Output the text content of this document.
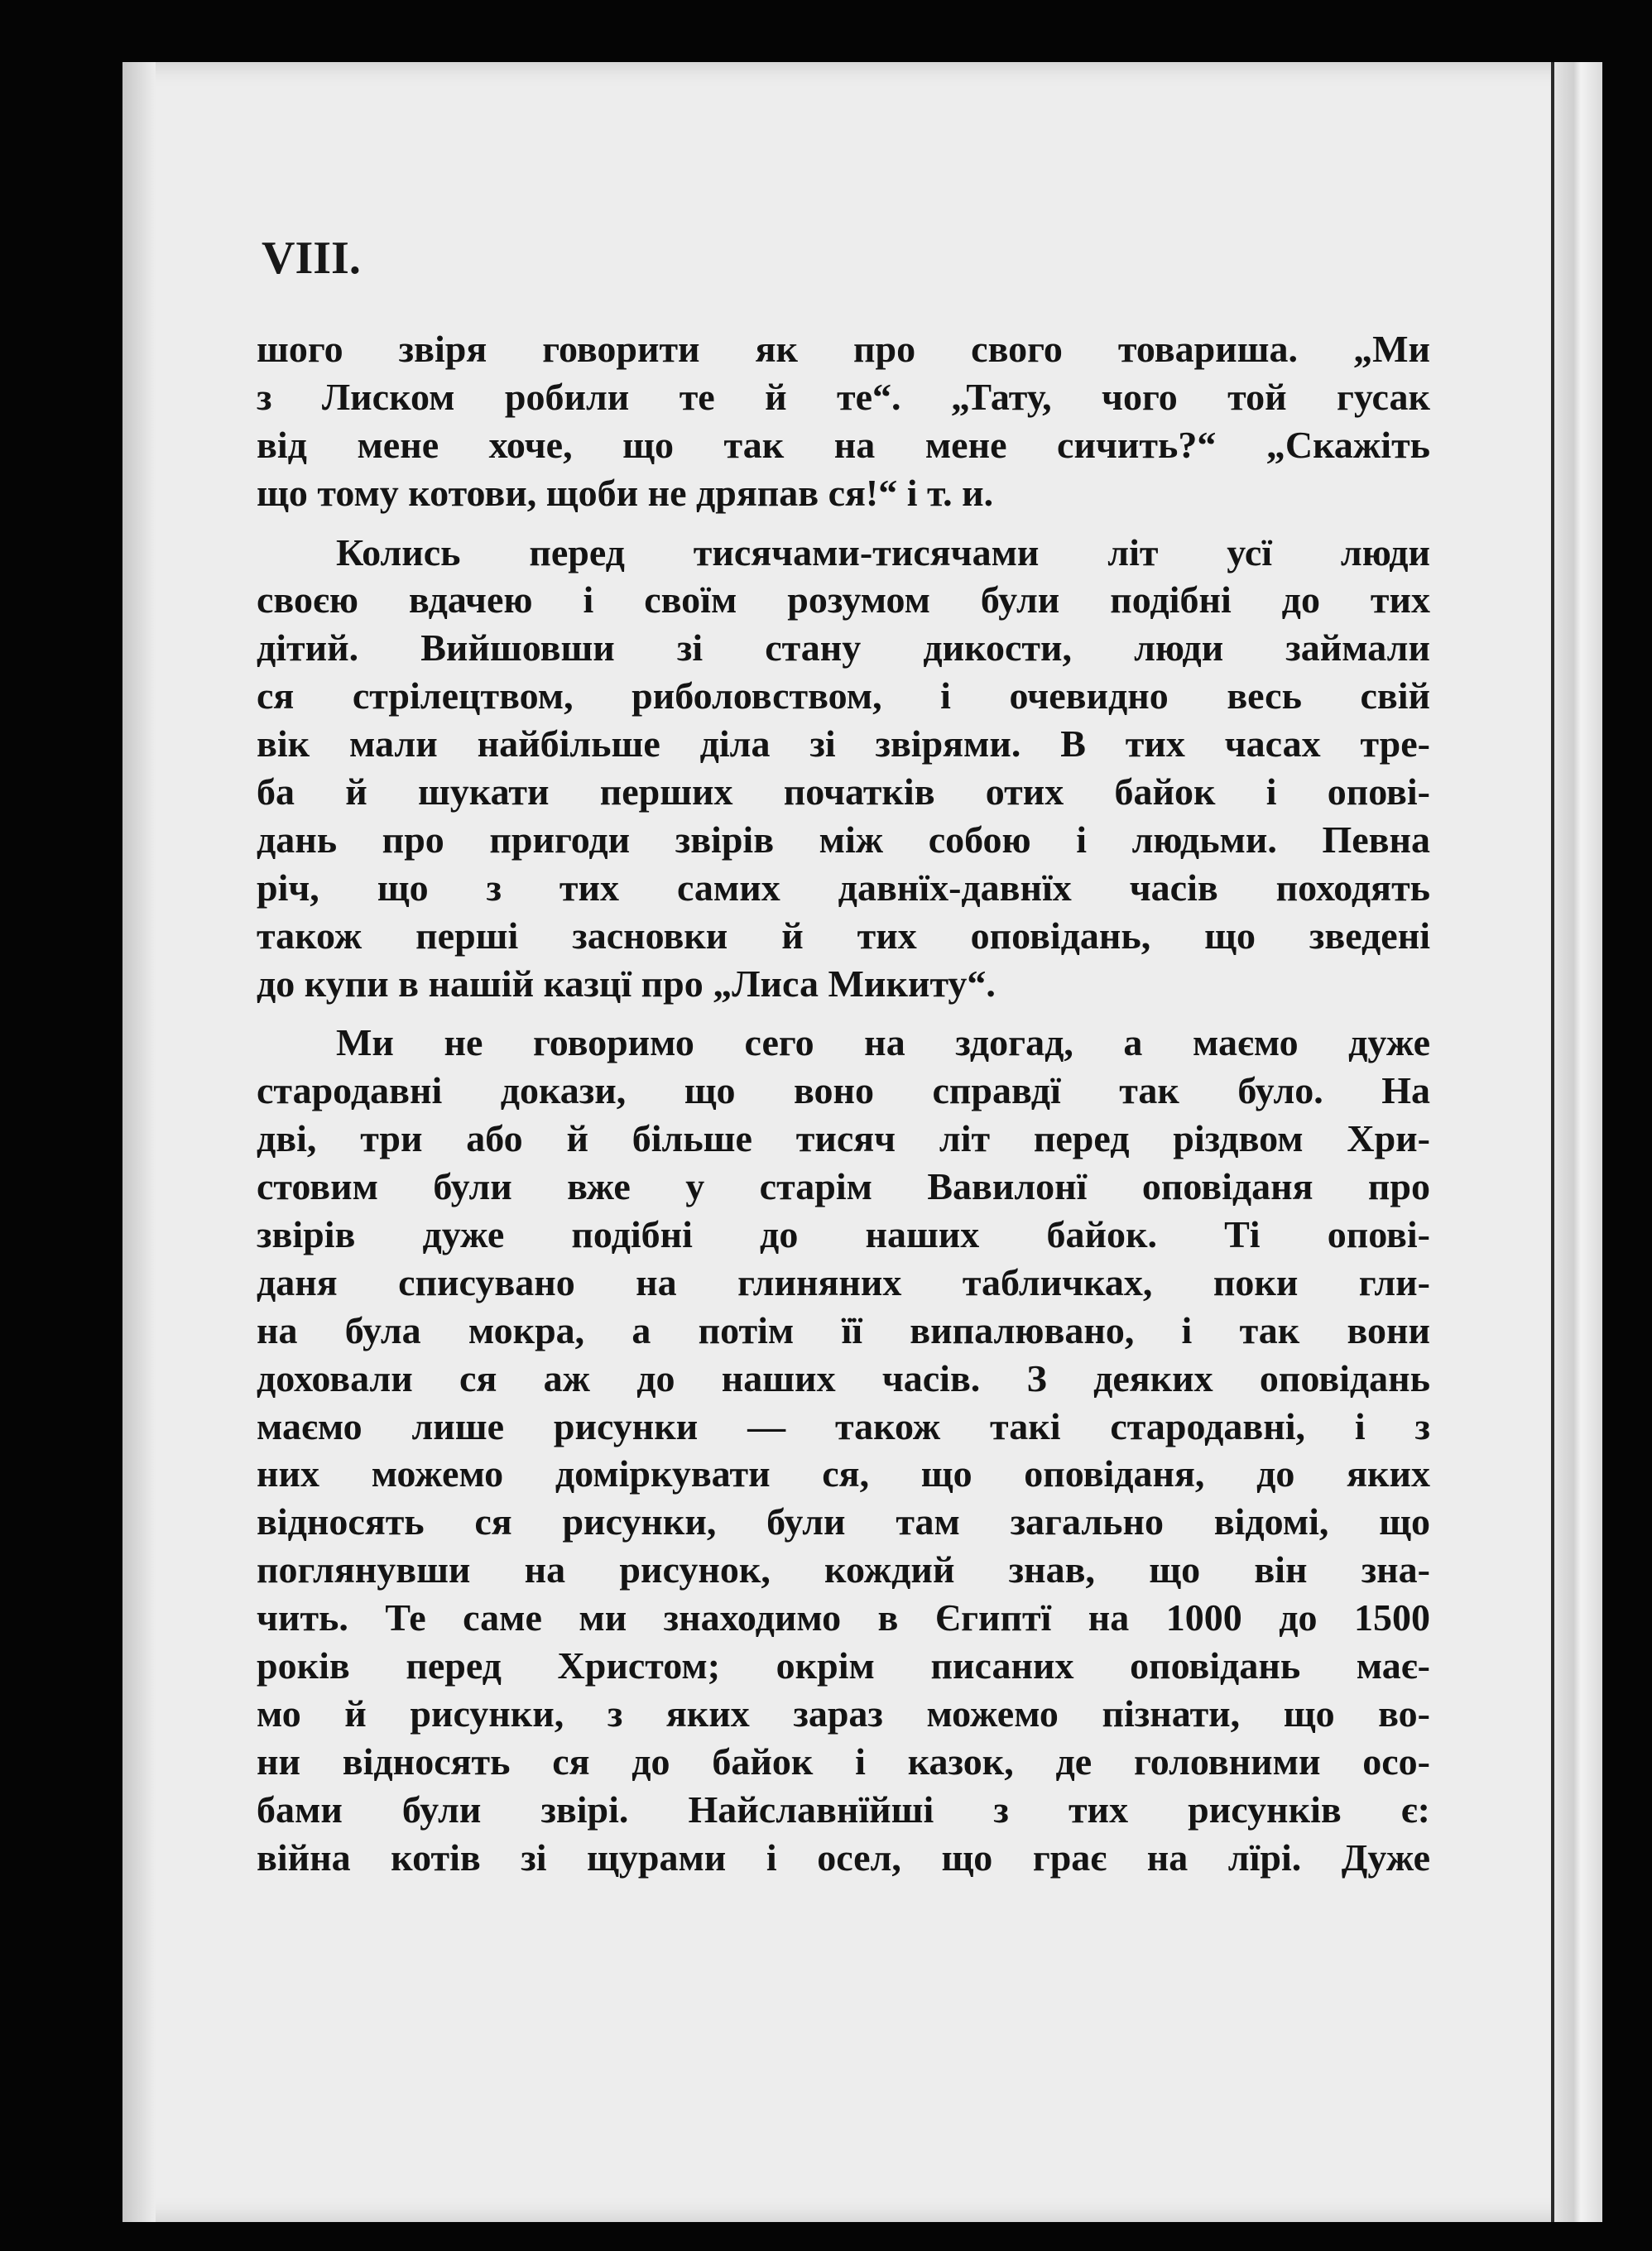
VIII.

шого звіря говорити як про свого товариша. „Ми
з Лиском робили те й те“. „Тату, чого той гусак
від мене хоче, що так на мене сичить?“ „Скажіть
що тому котови, щоби не дряпав ся!“ і т. и.
Колись перед тисячами-тисячами літ усї люди
своєю вдачею і своїм розумом були подібні до тих
дітий. Вийшовши зі стану дикости, люди займали
ся стрілецтвом, риболовством, і очевидно весь свій
вік мали найбільше діла зі звірями. В тих часах тре-
ба й шукати перших початків отих байок і опові-
дань про пригоди звірів між собою і людьми. Певна
річ, що з тих самих давнїх-давнїх часів походять
також перші засновки й тих оповідань, що зведені
до купи в нашій казцї про „Лиса Микиту“.
Ми не говоримо сего на здогад, а маємо дуже
стародавні докази, що воно справдї так було. На
дві, три або й більше тисяч літ перед різдвом Хри-
стовим були вже у старім Вавилонї оповіданя про
звірів дуже подібні до наших байок. Ті опові-
даня списувано на глиняних табличках, поки гли-
на була мокра, а потім її випалювано, і так вони
доховали ся аж до наших часів. З деяких оповідань
маємо лише рисунки — також такі стародавні, і з
них можемо доміркувати ся, що оповіданя, до яких
відносять ся рисунки, були там загально відомі, що
поглянувши на рисунок, кождий знав, що він зна-
чить. Те саме ми знаходимо в Єгиптї на 1000 до 1500
років перед Христом; окрім писаних оповідань має-
мо й рисунки, з яких зараз можемо пізнати, що во-
ни відносять ся до байок і казок, де головними осо-
бами були звірі. Найславнїйші з тих рисунків є:
війна котів зі щурами і осел, що грає на лїрі. Дуже
